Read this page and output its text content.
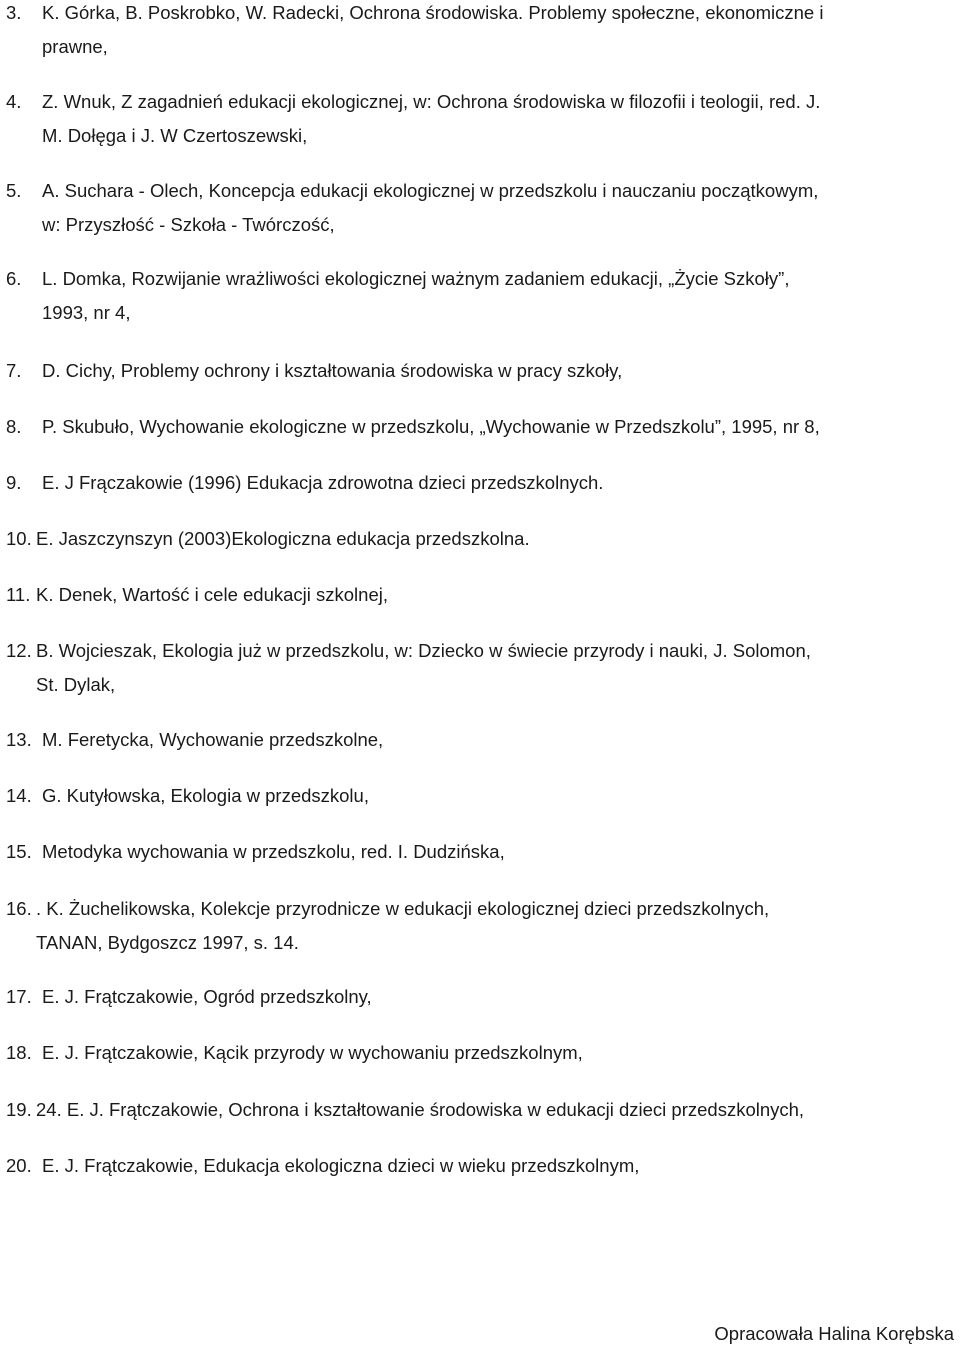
3. K. Górka, B. Poskrobko, W. Radecki, Ochrona środowiska. Problemy społeczne, ekonomiczne i
prawne,
4. Z. Wnuk, Z zagadnień edukacji ekologicznej, w: Ochrona środowiska w filozofii i teologii, red. J.
M. Dołęga i J. W Czertoszewski,
5. A. Suchara - Olech, Koncepcja edukacji ekologicznej w przedszkolu i nauczaniu początkowym,
w: Przyszłość - Szkoła - Twórczość,
6. L. Domka, Rozwijanie wrażliwości ekologicznej ważnym zadaniem edukacji, „Życie Szkoły”,
1993, nr 4,
7. D. Cichy, Problemy ochrony i kształtowania środowiska w pracy szkoły,
8. P. Skubuło, Wychowanie ekologiczne w przedszkolu, „Wychowanie w Przedszkolu”, 1995, nr 8,
9. E. J Frączakowie (1996) Edukacja zdrowotna dzieci przedszkolnych.
10. E. Jaszczynszyn (2003)Ekologiczna edukacja przedszkolna.
11. K. Denek, Wartość i cele edukacji szkolnej,
12. B. Wojcieszak, Ekologia już w przedszkolu, w: Dziecko w świecie przyrody i nauki, J. Solomon,
St. Dylak,
13. M. Feretycka, Wychowanie przedszkolne,
14. G. Kutyłowska, Ekologia w przedszkolu,
15. Metodyka wychowania w przedszkolu, red. I. Dudzińska,
16. . K. Żuchelikowska, Kolekcje przyrodnicze w edukacji ekologicznej dzieci przedszkolnych,
TANAN, Bydgoszcz 1997, s. 14.
17. E. J. Frątczakowie, Ogród przedszkolny,
18. E. J. Frątczakowie, Kącik przyrody w wychowaniu przedszkolnym,
19. 24. E. J. Frątczakowie, Ochrona i kształtowanie środowiska w edukacji dzieci przedszkolnych,
20. E. J. Frątczakowie, Edukacja ekologiczna dzieci w wieku przedszkolnym,
Opracowała Halina Korębska
